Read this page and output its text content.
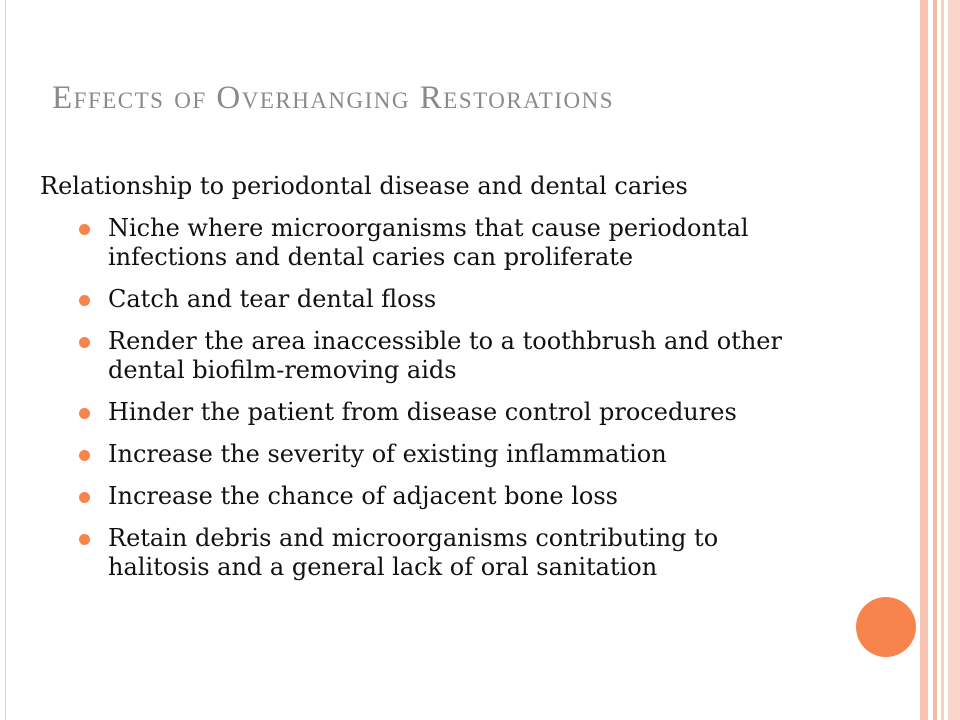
Effects of Overhanging Restorations

Relationship to periodontal disease and dental caries

Niche where microorganisms that cause periodontal
infections and dental caries can proliferate
Catch and tear dental floss
Render the area inaccessible to a toothbrush and other
dental biofilm-removing aids
Hinder the patient from disease control procedures
Increase the severity of existing inflammation
Increase the chance of adjacent bone loss
Retain debris and microorganisms contributing to
halitosis and a general lack of oral sanitation
